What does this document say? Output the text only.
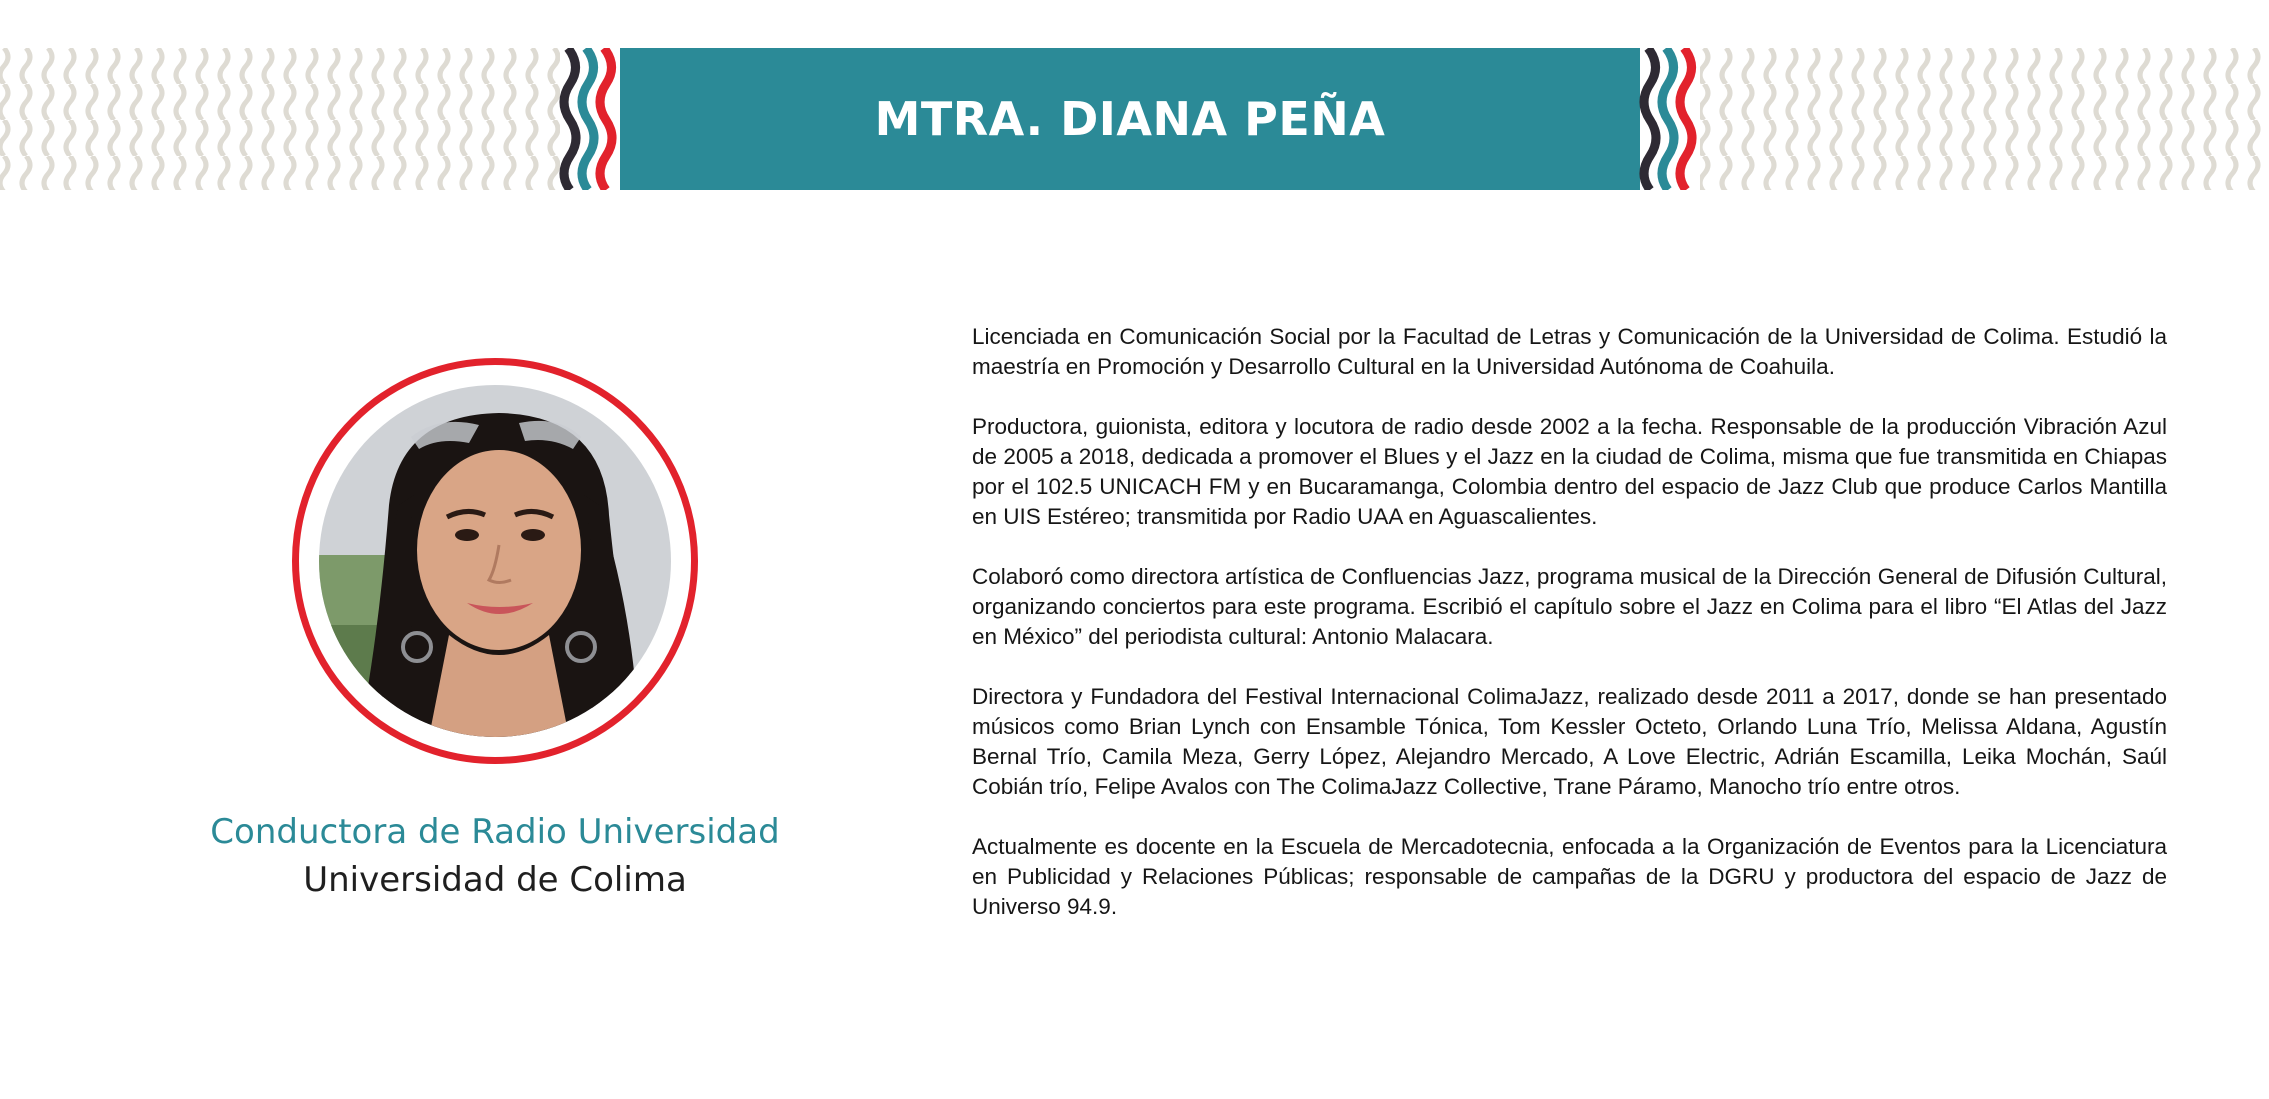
MTRA. DIANA PEÑA

Conductora de Radio Universidad

Universidad de Colima

Licenciada en Comunicación Social por la Facultad de Letras y Comunicación de la Universidad de Colima. Estudió la maestría en Promoción y Desarrollo Cultural en la Universidad Autónoma de Coahuila.

Productora, guionista, editora y locutora de radio desde 2002 a la fecha. Responsable de la producción Vibración Azul de 2005 a 2018, dedicada a promover el Blues y el Jazz en la ciudad de Colima, misma que fue transmitida en Chiapas por el 102.5 UNICACH FM y en Bucaramanga, Colombia dentro del espacio de Jazz Club que produce Carlos Mantilla en UIS Estéreo; transmitida por Radio UAA en Aguascalientes.

Colaboró como directora artística de Confluencias Jazz, programa musical de la Dirección General de Difusión Cultural, organizando conciertos para este programa. Escribió el capítulo sobre el Jazz en Colima para el libro “El Atlas del Jazz en México” del periodista cultural: Antonio Malacara.

Directora y Fundadora del Festival Internacional ColimaJazz, realizado desde 2011 a 2017, donde se han presentado músicos como Brian Lynch con Ensamble Tónica, Tom Kessler Octeto, Orlando Luna Trío, Melissa Aldana, Agustín Bernal Trío, Camila Meza, Gerry López, Alejandro Mercado, A Love Electric, Adrián Escamilla, Leika Mochán, Saúl Cobián trío, Felipe Avalos con The ColimaJazz Collective, Trane Páramo, Manocho trío entre otros.

Actualmente es docente en la Escuela de Mercadotecnia, enfocada a la Organización de Eventos para la Licenciatura en Publicidad y Relaciones Públicas; responsable de campañas de la DGRU y productora del espacio de Jazz de Universo 94.9.
